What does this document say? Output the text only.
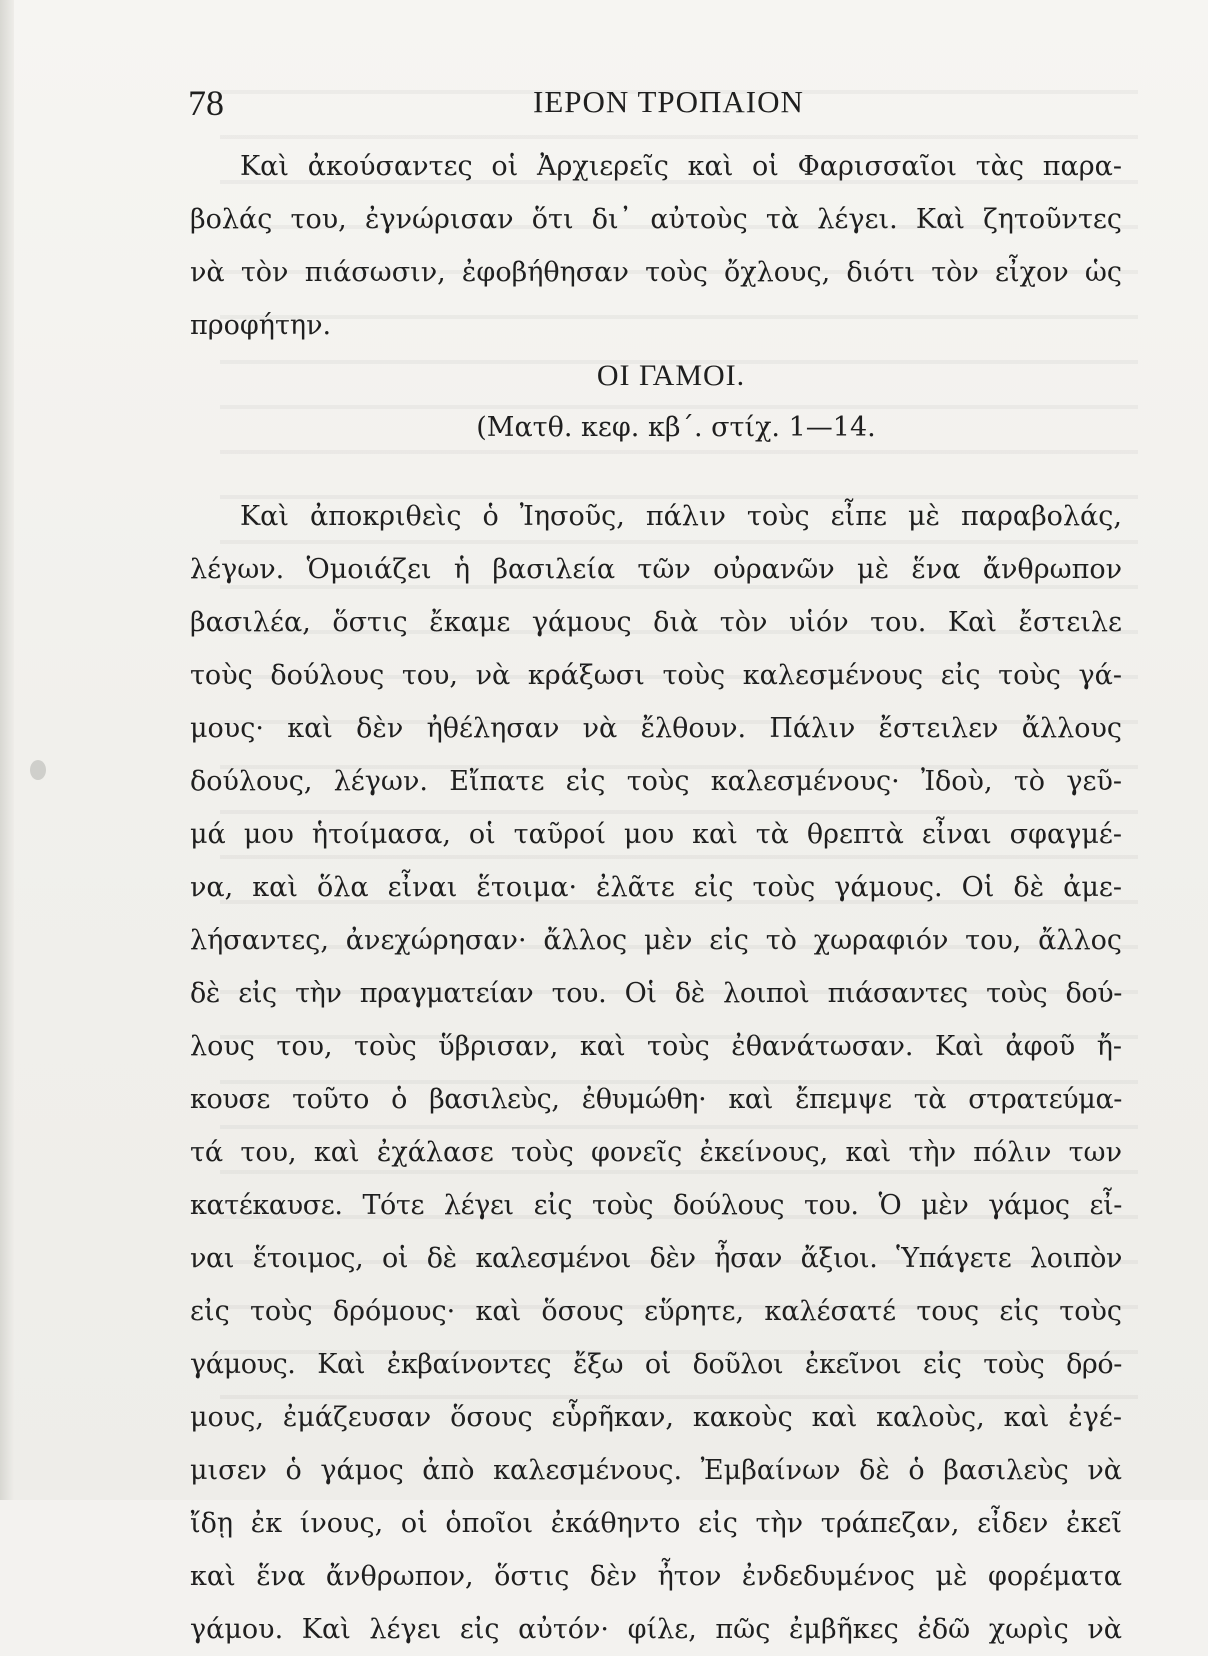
78	ΙΕΡΟΝ ΤΡΟΠΑΙΟΝ
Καὶ ἀκούσαντες οἱ Ἀρχιερεῖς καὶ οἱ Φαρισσαῖοι τὰς παρα-
βολάς του, ἐγνώρισαν ὅτι δι᾽ αὐτοὺς τὰ λέγει. Καὶ ζητοῦντες
νὰ τὸν πιάσωσιν, ἐφοβήθησαν τοὺς ὄχλους, διότι τὸν εἶχον ὡς
προφήτην.
ΟΙ ΓΑΜΟΙ.
(Ματθ. κεφ. κβ΄. στίχ. 1—14.
Καὶ ἀποκριθεὶς ὁ Ἰησοῦς, πάλιν τοὺς εἶπε μὲ παραβολάς,
λέγων. Ὁμοιάζει ἡ βασιλεία τῶν οὐρανῶν μὲ ἕνα ἄνθρωπον
βασιλέα, ὅστις ἔκαμε γάμους διὰ τὸν υἱόν του. Καὶ ἔστειλε
τοὺς δούλους του, νὰ κράξωσι τοὺς καλεσμένους εἰς τοὺς γά-
μους· καὶ δὲν ἠθέλησαν νὰ ἔλθουν. Πάλιν ἔστειλεν ἄλλους
δούλους, λέγων. Εἴπατε εἰς τοὺς καλεσμένους· Ἰδοὺ, τὸ γεῦ-
μά μου ἡτοίμασα, οἱ ταῦροί μου καὶ τὰ θρεπτὰ εἶναι σφαγμέ-
να, καὶ ὅλα εἶναι ἕτοιμα· ἐλᾶτε εἰς τοὺς γάμους. Οἱ δὲ ἀμε-
λήσαντες, ἀνεχώρησαν· ἄλλος μὲν εἰς τὸ χωραφιόν του, ἄλλος
δὲ εἰς τὴν πραγματείαν του. Οἱ δὲ λοιποὶ πιάσαντες τοὺς δού-
λους του, τοὺς ὕβρισαν, καὶ τοὺς ἐθανάτωσαν. Καὶ ἀφοῦ ἤ-
κουσε τοῦτο ὁ βασιλεὺς, ἐθυμώθη· καὶ ἔπεμψε τὰ στρατεύμα-
τά του, καὶ ἐχάλασε τοὺς φονεῖς ἐκείνους, καὶ τὴν πόλιν των
κατέκαυσε. Τότε λέγει εἰς τοὺς δούλους του. Ὁ μὲν γάμος εἶ-
ναι ἕτοιμος, οἱ δὲ καλεσμένοι δὲν ἦσαν ἄξιοι. Ὑπάγετε λοιπὸν
εἰς τοὺς δρόμους· καὶ ὅσους εὕρητε, καλέσατέ τους εἰς τοὺς
γάμους. Καὶ ἐκβαίνοντες ἔξω οἱ δοῦλοι ἐκεῖνοι εἰς τοὺς δρό-
μους, ἐμάζευσαν ὅσους εὗρῆκαν, κακοὺς καὶ καλοὺς, καὶ ἐγέ-
μισεν ὁ γάμος ἀπὸ καλεσμένους. Ἐμβαίνων δὲ ὁ βασιλεὺς νὰ
ἴδῃ ἐκ ίνους, οἱ ὁποῖοι ἐκάθηντο εἰς τὴν τράπεζαν, εἶδεν ἐκεῖ
καὶ ἕνα ἄνθρωπον, ὅστις δὲν ἦτον ἐνδεδυμένος μὲ φορέματα
γάμου. Καὶ λέγει εἰς αὐτόν· φίλε, πῶς ἐμβῆκες ἐδῶ χωρὶς νὰ
